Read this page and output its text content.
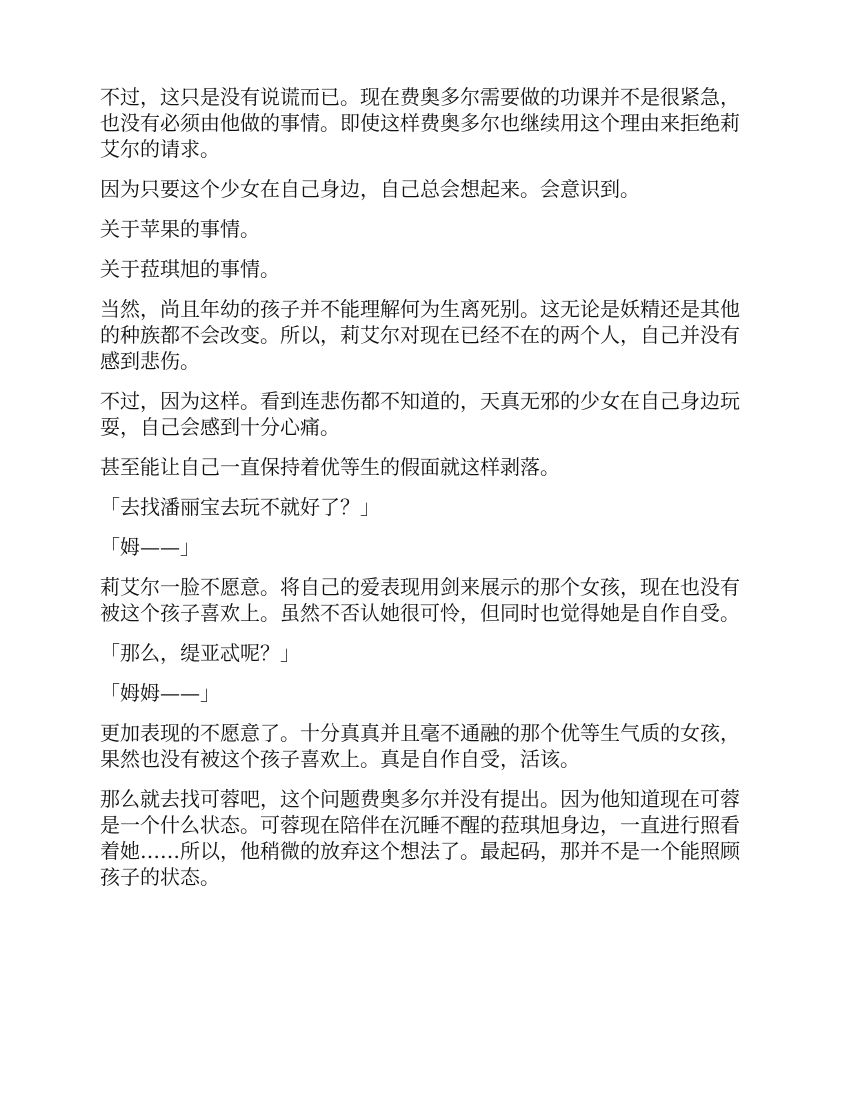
不过，这只是没有说谎而已。现在费奥多尔需要做的功课并不是很紧急，也没有必须由他做的事情。即使这样费奥多尔也继续用这个理由来拒绝莉艾尔的请求。

因为只要这个少女在自己身边，自己总会想起来。会意识到。

关于苹果的事情。

关于菈琪旭的事情。

当然，尚且年幼的孩子并不能理解何为生离死别。这无论是妖精还是其他的种族都不会改变。所以，莉艾尔对现在已经不在的两个人，自己并没有感到悲伤。

不过，因为这样。看到连悲伤都不知道的，天真无邪的少女在自己身边玩耍，自己会感到十分心痛。

甚至能让自己一直保持着优等生的假面就这样剥落。

「去找潘丽宝去玩不就好了？」

「姆——」

莉艾尔一脸不愿意。将自己的爱表现用剑来展示的那个女孩，现在也没有被这个孩子喜欢上。虽然不否认她很可怜，但同时也觉得她是自作自受。

「那么，缇亚忒呢？」

「姆姆——」

更加表现的不愿意了。十分真真并且毫不通融的那个优等生气质的女孩，果然也没有被这个孩子喜欢上。真是自作自受，活该。

那么就去找可蓉吧，这个问题费奥多尔并没有提出。因为他知道现在可蓉是一个什么状态。可蓉现在陪伴在沉睡不醒的菈琪旭身边，一直进行照看着她……所以，他稍微的放弃这个想法了。最起码，那并不是一个能照顾孩子的状态。
